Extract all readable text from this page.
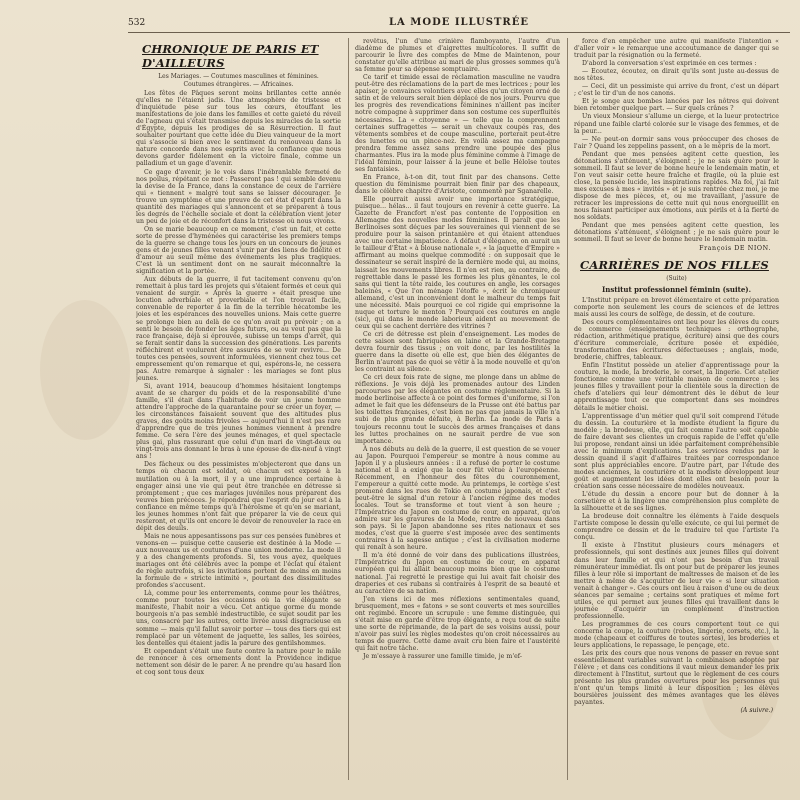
532	LA MODE ILLUSTRÉE
CHRONIQUE DE PARIS ET D'AILLEURS
Les Mariages. — Coutumes masculines et féminines.
Coutumes étrangères. — Africaines.

Les fêtes de Pâques seront moins brillantes cette année qu'elles ne l'étaient jadis. Une atmosphère de tristesse et d'inquiétude pèse sur tous les cœurs, étouffant les manifestations de joie dans les familles et cette gaieté du réveil de l'agneau qui s'était transmise depuis les miracles de la sortie d'Égypte, depuis les prodiges de sa Résurrection. Il faut souhaiter pourtant que cette idée du Dieu vainqueur de la mort qui s'associe si bien avec le sentiment du renouveau dans la nature concorde dans nos esprits avec la confiance que nous devons garder fidèlement en la victoire finale, comme un palladium et un gage d'avenir.

Ce gage d'avenir, je le vois dans l'inébranlable fermeté de nos poilus, répétant ce mot : Passeront pas ! qui semble devenu la devise de la France, dans la constance de ceux de l'arrière qui « tiennent » malgré tout sans se laisser décourager. Je trouve un symptôme et une preuve de cet état d'esprit dans la quantité des mariages qui s'annoncent et se préparent à tous les degrés de l'échelle sociale et dont la célébration vient jeter un peu de joie et de réconfort dans la tristesse où nous vivons.

On se marie beaucoup en ce moment, c'est un fait, et cette sorte de presse d'hyménées qui caractérise les premiers temps de la guerre se change tous les jours en un concours de jeunes gens et de jeunes filles venant s'unir par des liens de fidélité et d'amour au seuil même des événements les plus tragiques. C'est là un sentiment dont on ne saurait méconnaître la signification et la portée.

Aux débuts de la guerre, il fut tacitement convenu qu'on remettait à plus tard les projets qui s'étaient formés et ceux qui venaient de surgir. « Après la guerre » était presque une locution adverbiale et proverbiale et l'on trouvait facile, convenable de reporter à la fin de la terrible hécatombe les joies et les espérances des nouvelles unions. Mais cette guerre se prolonge bien au delà de ce qu'on avait pu prévoir ; on a senti le besoin de fonder les âges futurs, ou au veut pas que la race française, déjà si éprouvée, subisse un temps d'arrêt, qui se ferait sentir dans la succession des générations. Les parents réfléchirent et voulurent être assurés de se voir revivre... De toutes ces pensées, souvent informulées, viennent chez tous cet empressement qu'on remarque et qui, espérons-le, ne cessera pas. Autre remarque à signaler : les mariages se font plus jeunes.

Si, avant 1914, beaucoup d'hommes hésitaient longtemps avant de se charger du poids et de la responsabilité d'une famille, s'il était dans l'habitude de voir un jeune homme attendre l'approche de la quarantaine pour se créer un foyer, — les circonstances faisaient souvent que des altitudes plus graves, des goûts moins frivoles — aujourd'hui il n'est pas rare d'apprendre que de très jeunes hommes viennent à prendre femme. Ce sera l'ère des jeunes ménages, et quel spectacle plus gai, plus rassurant que celui d'un mari de vingt-deux ou vingt-trois ans donnant le bras à une épouse de dix-neuf à vingt ans !

Des fâcheux ou des pessimistes m'objecteront que dans un temps où chacun est soldat, où chacun est exposé à la mutilation ou à la mort, il y a une imprudence certaine à engager ainsi une vie qui peut être tranchée en détresse si promptement ; que ces mariages juvéniles nous préparent des veuves bien précoces. Je répondrai que l'esprit du jour est à la confiance en même temps qu'à l'héroïsme et qu'en se mariant, les jeunes hommes n'ont fait que préparer la vie de ceux qui resteront, et qu'ils ont encore le devoir de renouveler la race en dépit des deuils.

Mais ne nous appesantissons pas sur ces pensées funèbres et venons-en — puisque cette causerie est destinée à la Mode — aux nouveaux us et coutumes d'une union moderne. La mode il y a des changements profonds. Si, tes vous ayez, quelques mariages ont été célébrés avec la pompe et l'éclat qui étaient de règle autrefois, si les invitations portent de moins en moins la formule de « stricte intimité », pourtant des dissimilitudes profondes s'accusent.

Là, comme pour les enterrements, comme pour les théâtres, comme pour toutes les occasions où la vie élégante se manifeste, l'habit noir a vécu. Cet antique gorme du monde bourgeois n'a pas semblé indestructible, ce sujet soudit par les uns, consacré par les autres, cette livrée aussi disgracieuse en somme — mais qu'il fallut savoir porter — tous des tiers qui est remplacé par un vêtement de jaquette, les salles, les soirées, les dentelles qui étaient jadis la parure des gentilshommes.

Et cependant s'était une faute contre la nature pour le mâle de renoncer à ces ornements dont la Providence indique nettement son désir de le parer. À ne prendre qu'au hasard lion et coq sont tous deux

revêtus, l'un d'une crinière flamboyante, l'autre d'un diadème de plumes et d'aigrettes multicolores. Il suffit de parcourir le livre des comptes de Mme de Maintenon, pour constater qu'elle attribue au mari de plus grosses sommes qu'à sa femme pour sa dépense somptuaire.

Ce tarif et timide essai de réclamation masculine ne vaudra peut-être des réclamations de la part de mes lectrices ; pour les apaiser, je convaincs volontiers avec elles qu'un citoyen orné de satin et de velours serait bien déplacé de nos jours. Pourvu que les progrès des revendications féminines n'aillent pas inciter notre compagne à supprimer dans son costume ces superfluités nécessaires. La « citoyenne » — telle que la comprennent certaines suffragettes — serait un chevaux coupés ras, des vêtements sombres et de coupe masculine, porterait peut-être des lunettes ou un pince-nez. En voilà assez ma campagne prendra femme assez sans prendre une poupée des plus charmantes. Plus ira la mode plus féminine comme à l'image de l'idéal féminin, pour laisser à la jeune et belle Héloïse toutes ses fantaisies.

En France, à-t-on dit, tout finit par des chansons. Cette question du féminisme pourrait bien finir par des chapeaux, dans le célèbre chapitre d'Aristote, commenté par Sganarelle.

Elle pourrait aussi avoir une importance stratégique, puisque... hélas... il faut toujours en revenir à cette guerre. La Gazette de Francfort n'est pas contente de l'opposition en Allemagne des nouvelles modes féminines. Il paraît que les Berlinoises sont déçues par les souveraines qui viennent de se produire pour la saison printanière et qui étaient attendues avec une certaine impatience. À défaut d'élégance, on aurait un le tailleur d'État « à blouse nationale », « la jaquette d'Empire » affirmant au moins quelque commodité : on supposait que le dessinateur se serait inspiré de la dernière mode qui, au moins, laissait les mouvements libres. Il n'en est rien, au contraire, de regrettable dans le passé les formes les plus gênantes, le col sans qui tient la tête raide, les coutures en angle, les corsages baleinés, « Que l'on ménage l'étoffe », écrit le chroniqueur allemand, c'est un inconvénient dont le malheur du temps fait une nécessité. Mais pourquoi ce col rigide qui emprisonne la nuque et torture le menton ? Pourquoi ces coutures en angle (sic), qui dans le monde laborieux aident au mouvement de ceux qui se cachent derrière des vitrines ?

Ce cri de détresse est plein d'enseignement. Les modes de cette saison sont fabriquées en laine et la Grande-Bretagne devra fournir des tissus ; on voit donc, par les hostilités la guerre dans la disette où elle est, que bien des élégantes de Berlin n'auront pas de quoi se vêtir à la mode nouvelle et qu'on les contraint au silence.

Ce cri deux fois rate de signe, me plonge dans un abîme de réflexions. Je vois déjà les promenades autour des Linden parcourues par les élégantes en costume réglementaire. Si la mode berlinoise affecte à ce point des formes d'uniforme, si l'on admet le fait que les défenseurs de la Prusse ont été battus par les toilettes françaises, c'est bien ne pas que jamais la ville n'a subi de plus grande défaite, à Berlin. La mode de Paris a toujours reconnu tout le succès des armes françaises et dans les luttes prochaines on ne saurait perdre de vue son importance.

À nos débuts au delà de la guerre, il est question de se vouer au Japon. Pourquoi l'empereur se montre à nous comme au Japon il y a plusieurs années : il a refusé de porter le costume national et il a exigé que la cour fût vêtue à l'européenne. Récemment, en l'honneur des fêtes du couronnement, l'empereur a quitté cette mode. Au printemps, le cortège s'est promené dans les rues de Tokio en costume japonais, et c'est peut-être le signal d'un retour à l'ancien régime des modes locales. Tout se transforme et tout vient à son heure ; l'Impératrice du Japon en costume de cour, en apparat, qu'on admire sur les gravures de la Mode, rentre de nouveau dans son pays. Si le Japon abandonne ses rites nationaux et ses modes, c'est que la guerre s'est imposée avec des sentiments contraires à la sagesse antique ; c'est la civilisation moderne qui renaît à son heure.

Il m'a été donné de voir dans des publications illustrées, l'Impératrice du Japon en costume de cour, en apparat européen qui lui allait beaucoup moins bien que le costume national. J'ai regretté le prestige qui lui avait fait choisir des draperies et ces rubans si contraires à l'esprit de sa beauté et au caractère de sa nation.

J'en viens ici de mes réflexions sentimentales quand, brusquement, mes « fatons » se sont couverts et mes sourcilles ont regimbé. Encore un scrupule : une femme distinguée, qui s'était mise en garde d'être trop élégante, a reçu tout de suite une sorte de réprimande, de la part de ses voisins aussi, pour n'avoir pas suivi les règles modestes qu'on croit nécessaires au temps de guerre. Cette dame avait cru bien faire et l'austérité qui fait notre tâche.

Je m'essaye à rassurer une famille timide, je m'ef-

force d'en empêcher une autre qui manifeste l'intention « d'aller voir » le remarque une accoutumance de danger qui se traduit par la résignation ou la fermeté.

D'abord la conversation s'est exprimée en ces termes :

— Ecoutez, écoutez, on dirait qu'ils sont juste au-dessus de nos têtes.

— Ceci, dit un pessimiste qui arrive du front, c'est un départ ; c'est le tir d'un de nos canons.

Et je songe aux bombes lancées par les nôtres qui doivent bien retomber quelque part. — Sur quels crânes ?

Un vieux Monsieur s'allume un cierge, et la lueur protectrice répand une faible clarté colorée sur le visage des femmes, et de la peur...

— Ne peut-on dormir sans vous préoccuper des choses de l'air ? Quand les zeppelins passent, on a le mépris de la mort.

Pendant que mes pensées agitent cette question, les détonations s'atténuent, s'éloignent ; je ne sais guère pour le sommeil. Il faut se lever de bonne heure le lendemain matin, et l'on veut saisir cette heure fraîche et fragile, où la pluie est close, la pensée lucide, les inspirations rapides. Ma foi, j'ai fait mes excuses à mes « invités » et je suis rentrée chez moi, je me dispose de mes pièces, et, ou me travaillant, j'assure de retracer les impressions de cette nuit qui nous enorgueillit en nous faisant participer aux émotions, aux périls et à la fierté de nos soldats.

Pendant que mes pensées agitent cette question, les détonations s'atténuent, s'éloignent ; je ne sais guère pour le sommeil. Il faut se lever de bonne heure le lendemain matin.

François DE NION.
CARRIÈRES DE NOS FILLES
(Suite)
Institut professionnel féminin (suite).

L'Institut prépare en brevet élémentaire et cette préparation comporte non seulement les cours de sciences et de lettres mais aussi les cours de solfège, de dessin, et de couture.

Des cours complémentaires ont lieu pour les élèves du cours de commerce (enseignements techniques : orthographe, rédaction, arithmétique pratique, écriture) ainsi que des cours d'écriture commerciale, écriture posée et expédiée, transformation des écritures défectueuses ; anglais, mode, broderie, chiffres, tableaux.

Enfin l'Institut possède un atelier d'apprentissage pour la couture, la mode, la broderie, le corset, la lingerie. Cet atelier fonctionne comme une véritable maison de commerce ; les jeunes filles y travaillent pour la clientèle sous la direction de chefs d'ateliers qui leur démontrent dès le début de leur apprentissage tout ce que comportent dans ses moindres détails le métier choisi.

L'apprentissage d'un métier quel qu'il soit comprend l'étude du dessin. La couturière et la modiste étudient la figure du modèle ; la brodeuse, elle, qui fait comme l'autre soit capable de faire devant ses clientes un croquis rapide de l'effet qu'elle lui propose, rendant ainsi un idée parfaitement compréhensible avec le minimum d'explications. Les services rendus par le dessin quand il s'agit d'affaires traitées par correspondance sont plus appréciables encore. D'autre part, par l'étude des modes anciennes, la couturière et la modiste développent leur goût et augmentent les idées dont elles ont besoin pour la création sans cesse nécessaire de modèles nouveaux.

L'étude du dessin a encore pour but de donner à la corsetière et à la lingère une compréhension plus complète de la silhouette et de ses lignes.

La brodeuse doit connaître les éléments à l'aide desquels l'artiste compose le dessin qu'elle exécute, ce qui lui permet de comprendre ce dessin et de le traduire tel que l'artiste l'a conçu.

Il existe à l'Institut plusieurs cours ménagers et professionnels, qui sont destinés aux jeunes filles qui doivent dans leur famille et qui n'ont pas besoin d'un travail rémunérateur immédiat. Ils ont pour but de préparer les jeunes filles à leur rôle si important de maîtresses de maison et de les mettre à même de s'acquitter de leur vie « si leur situation venait à changer ». Ces cours ont lieu à raison d'une ou de deux séances par semaine ; certains sont pratiques et même fort utiles, ce qui permet aux jeunes filles qui travaillent dans le journée d'acquérir un complément d'instruction professionnelle.

Les programmes de ces cours comportent tout ce qui concerne la coupe, la couture (robes, lingerie, corsets, etc.), la mode (chapeaux et coiffures de toutes sortes), les broderies et leurs applications, le repassage, le pençage, etc.

Les prix des cours que nous venons de passer en revue sont essentiellement variables suivant la combinaison adoptée par l'élève ; et dans ces conditions il vaut mieux demander les prix directement à l'Institut, surtout que le règlement de ces cours présente les plus grandes ouvertures pour les personnes qui n'ont qu'un temps limité à leur disposition ; les élèves boursières jouissent des mêmes avantages que les élèves payantes.

(A suivre.)
